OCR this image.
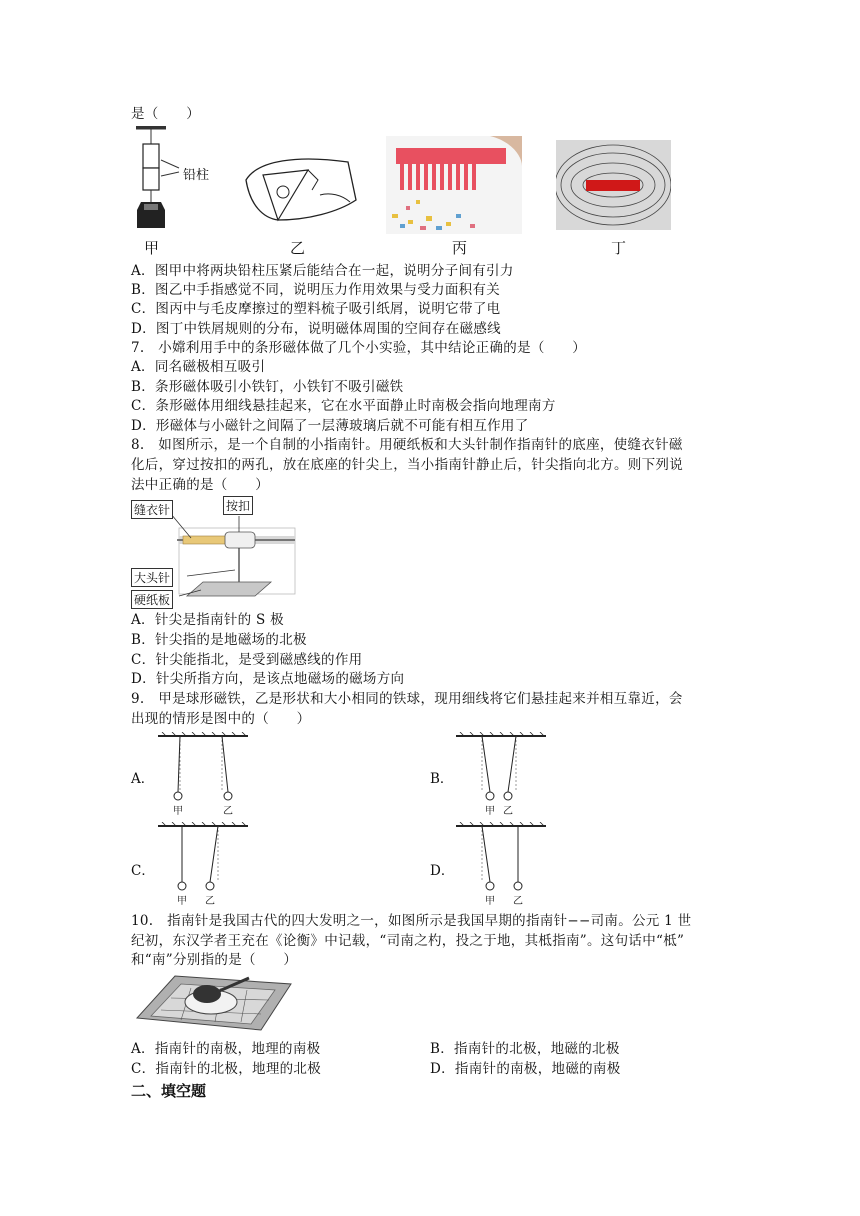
是（　　）
铅柱
甲	乙	丙	丁
A．图甲中将两块铅柱压紧后能结合在一起，说明分子间有引力
B．图乙中手指感觉不同，说明压力作用效果与受力面积有关
C．图丙中与毛皮摩擦过的塑料梳子吸引纸屑，说明它带了电
D．图丁中铁屑规则的分布，说明磁体周围的空间存在磁感线
7.　小嫦利用手中的条形磁体做了几个小实验，其中结论正确的是（　　）
A．同名磁极相互吸引
B．条形磁体吸引小铁钉，小铁钉不吸引磁铁
C．条形磁体用细线悬挂起来，它在水平面静止时南极会指向地理南方
D．形磁体与小磁针之间隔了一层薄玻璃后就不可能有相互作用了
8.　如图所示，是一个自制的小指南针。用硬纸板和大头针制作指南针的底座，使缝衣针磁
化后，穿过按扣的两孔，放在底座的针尖上，当小指南针静止后，针尖指向北方。则下列说
法中正确的是（　　）
缝衣针	按扣
大头针
硬纸板
A．针尖是指南针的 S 极
B．针尖指的是地磁场的北极
C．针尖能指北，是受到磁感线的作用
D．针尖所指方向，是该点地磁场的磁场方向
9.　甲是球形磁铁，乙是形状和大小相同的铁球，现用细线将它们悬挂起来并相互靠近，会
出现的情形是图中的（　　）
A．
甲	乙
B．
甲 乙
C．
甲 乙
D．
甲 乙
10.　指南针是我国古代的四大发明之一，如图所示是我国早期的指南针−−司南。公元 1 世
纪初，东汉学者王充在《论衡》中记载，“司南之杓，投之于地，其柢指南”。这句话中“柢”
和“南”分别指的是（　　）
A．指南针的南极，地理的南极	B．指南针的北极，地磁的北极
C．指南针的北极，地理的北极	D．指南针的南极，地磁的南极
二、填空题
